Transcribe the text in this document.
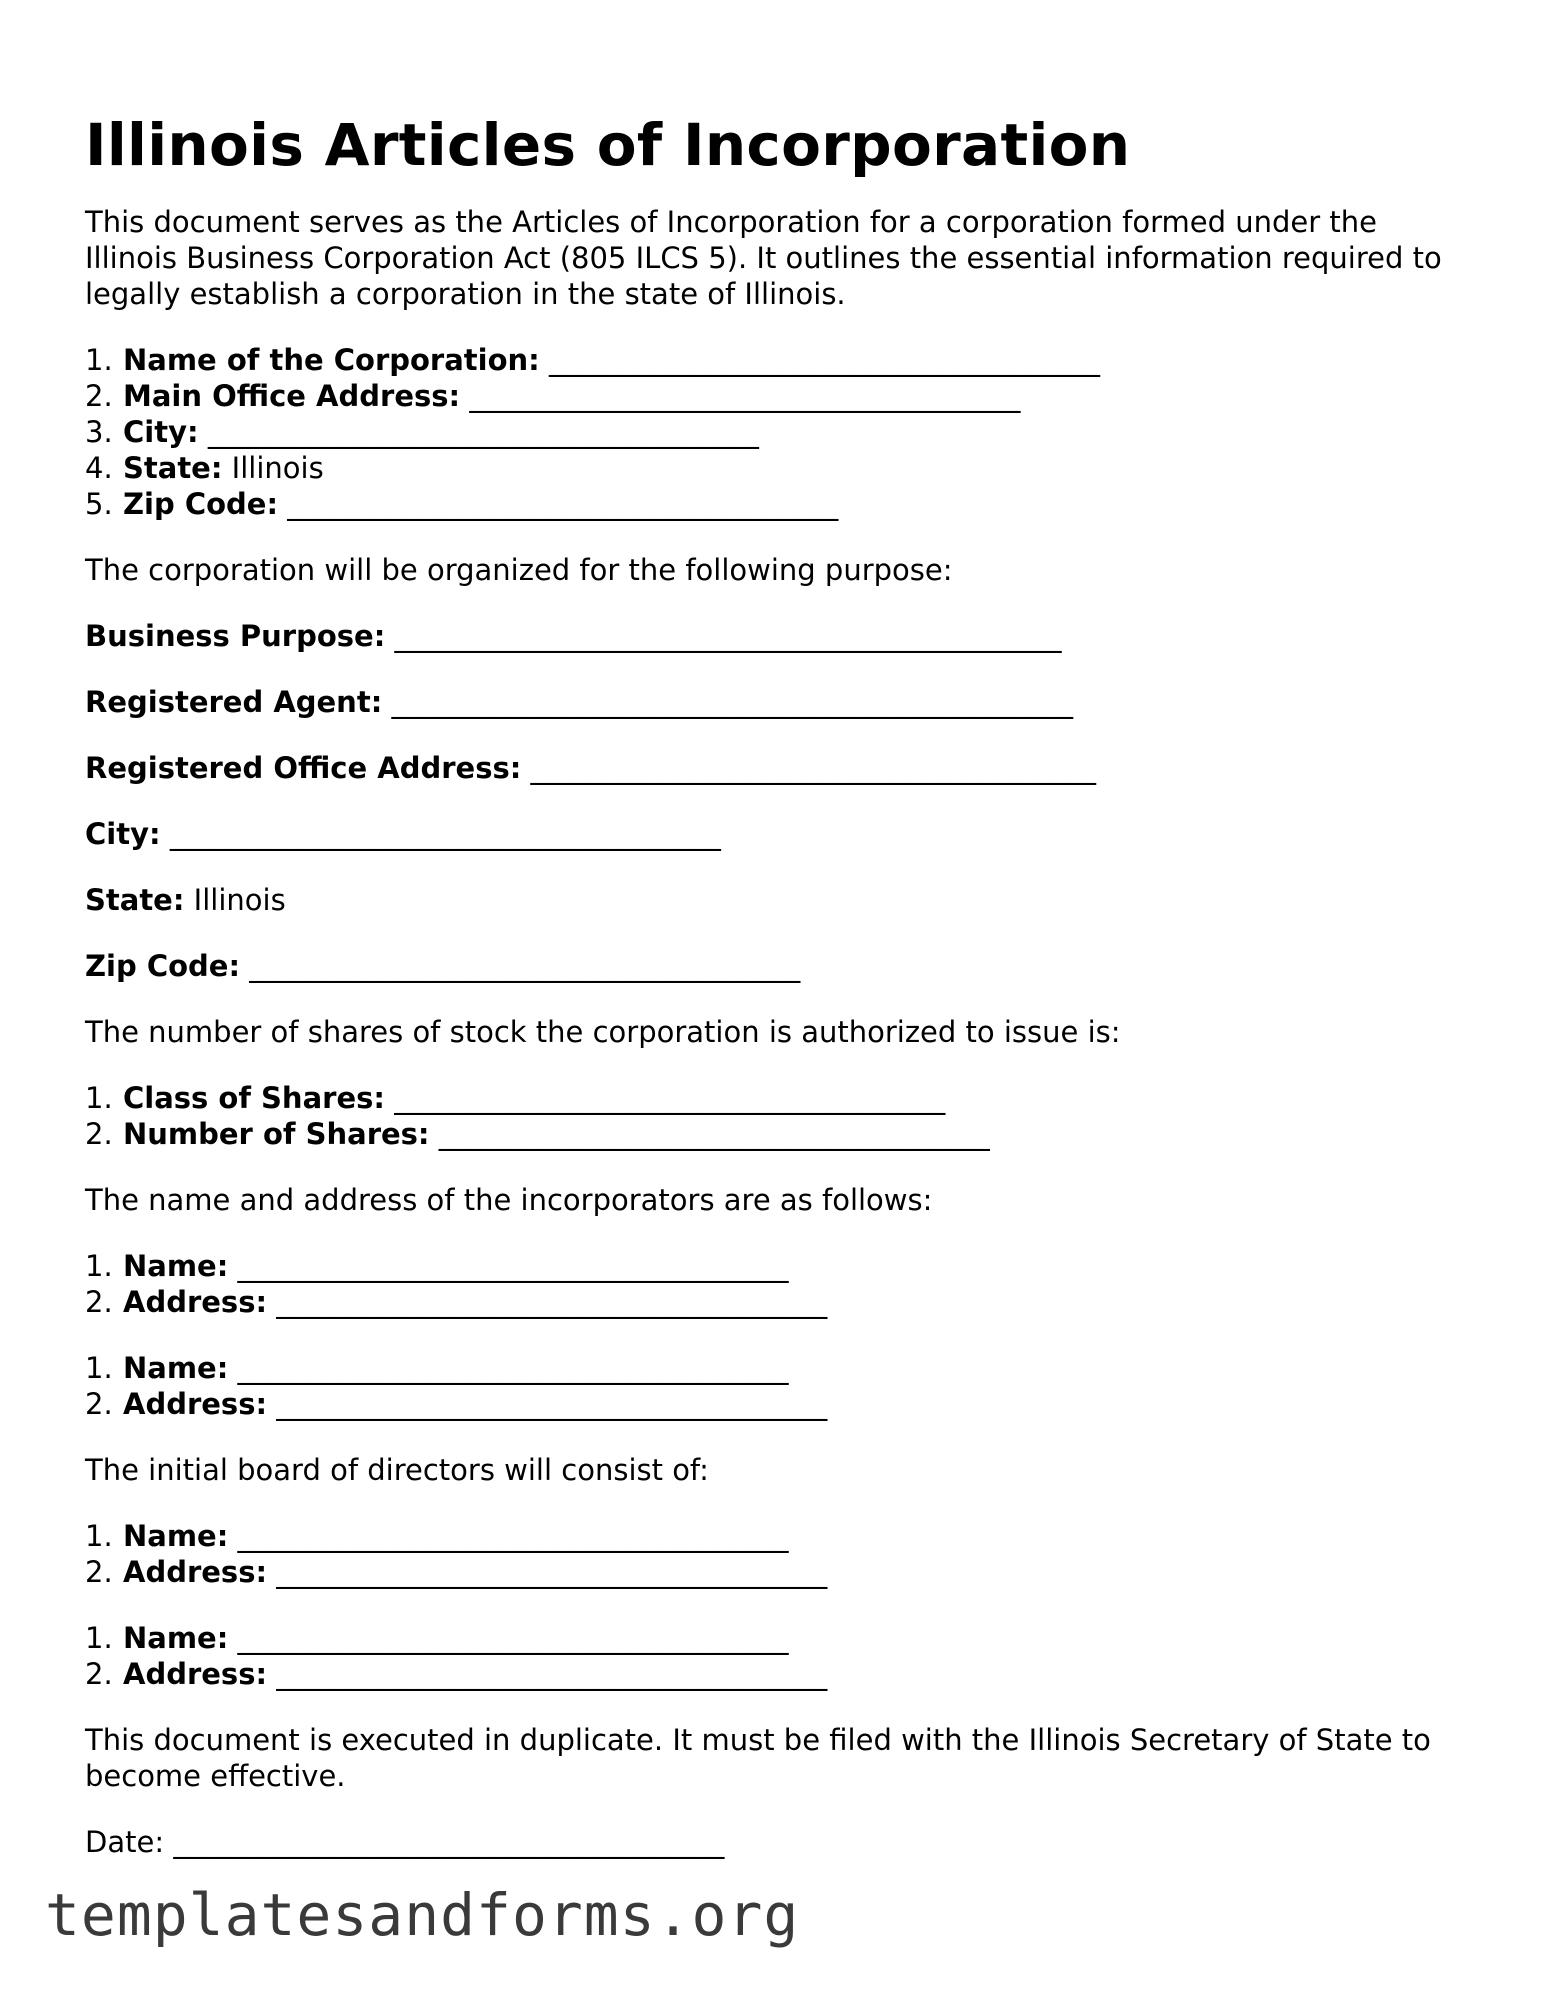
Illinois Articles of Incorporation

This document serves as the Articles of Incorporation for a corporation formed under the Illinois Business Corporation Act (805 ILCS 5). It outlines the essential information required to legally establish a corporation in the state of Illinois.

1. Name of the Corporation: ______________________________________
2. Main Office Address: ______________________________________
3. City: ______________________________________
4. State: Illinois
5. Zip Code: ______________________________________

The corporation will be organized for the following purpose:

Business Purpose: ______________________________________________
Registered Agent: _______________________________________________
Registered Office Address: _______________________________________
City: ______________________________________
State: Illinois
Zip Code: ______________________________________

The number of shares of stock the corporation is authorized to issue is:

1. Class of Shares: ______________________________________
2. Number of Shares: ______________________________________

The name and address of the incorporators are as follows:

1. Name: ______________________________________
2. Address: ______________________________________
1. Name: ______________________________________
2. Address: ______________________________________

The initial board of directors will consist of:

1. Name: ______________________________________
2. Address: ______________________________________
1. Name: ______________________________________
2. Address: ______________________________________

This document is executed in duplicate. It must be filed with the Illinois Secretary of State to become effective.

Date: ______________________________________
templatesandforms.org
